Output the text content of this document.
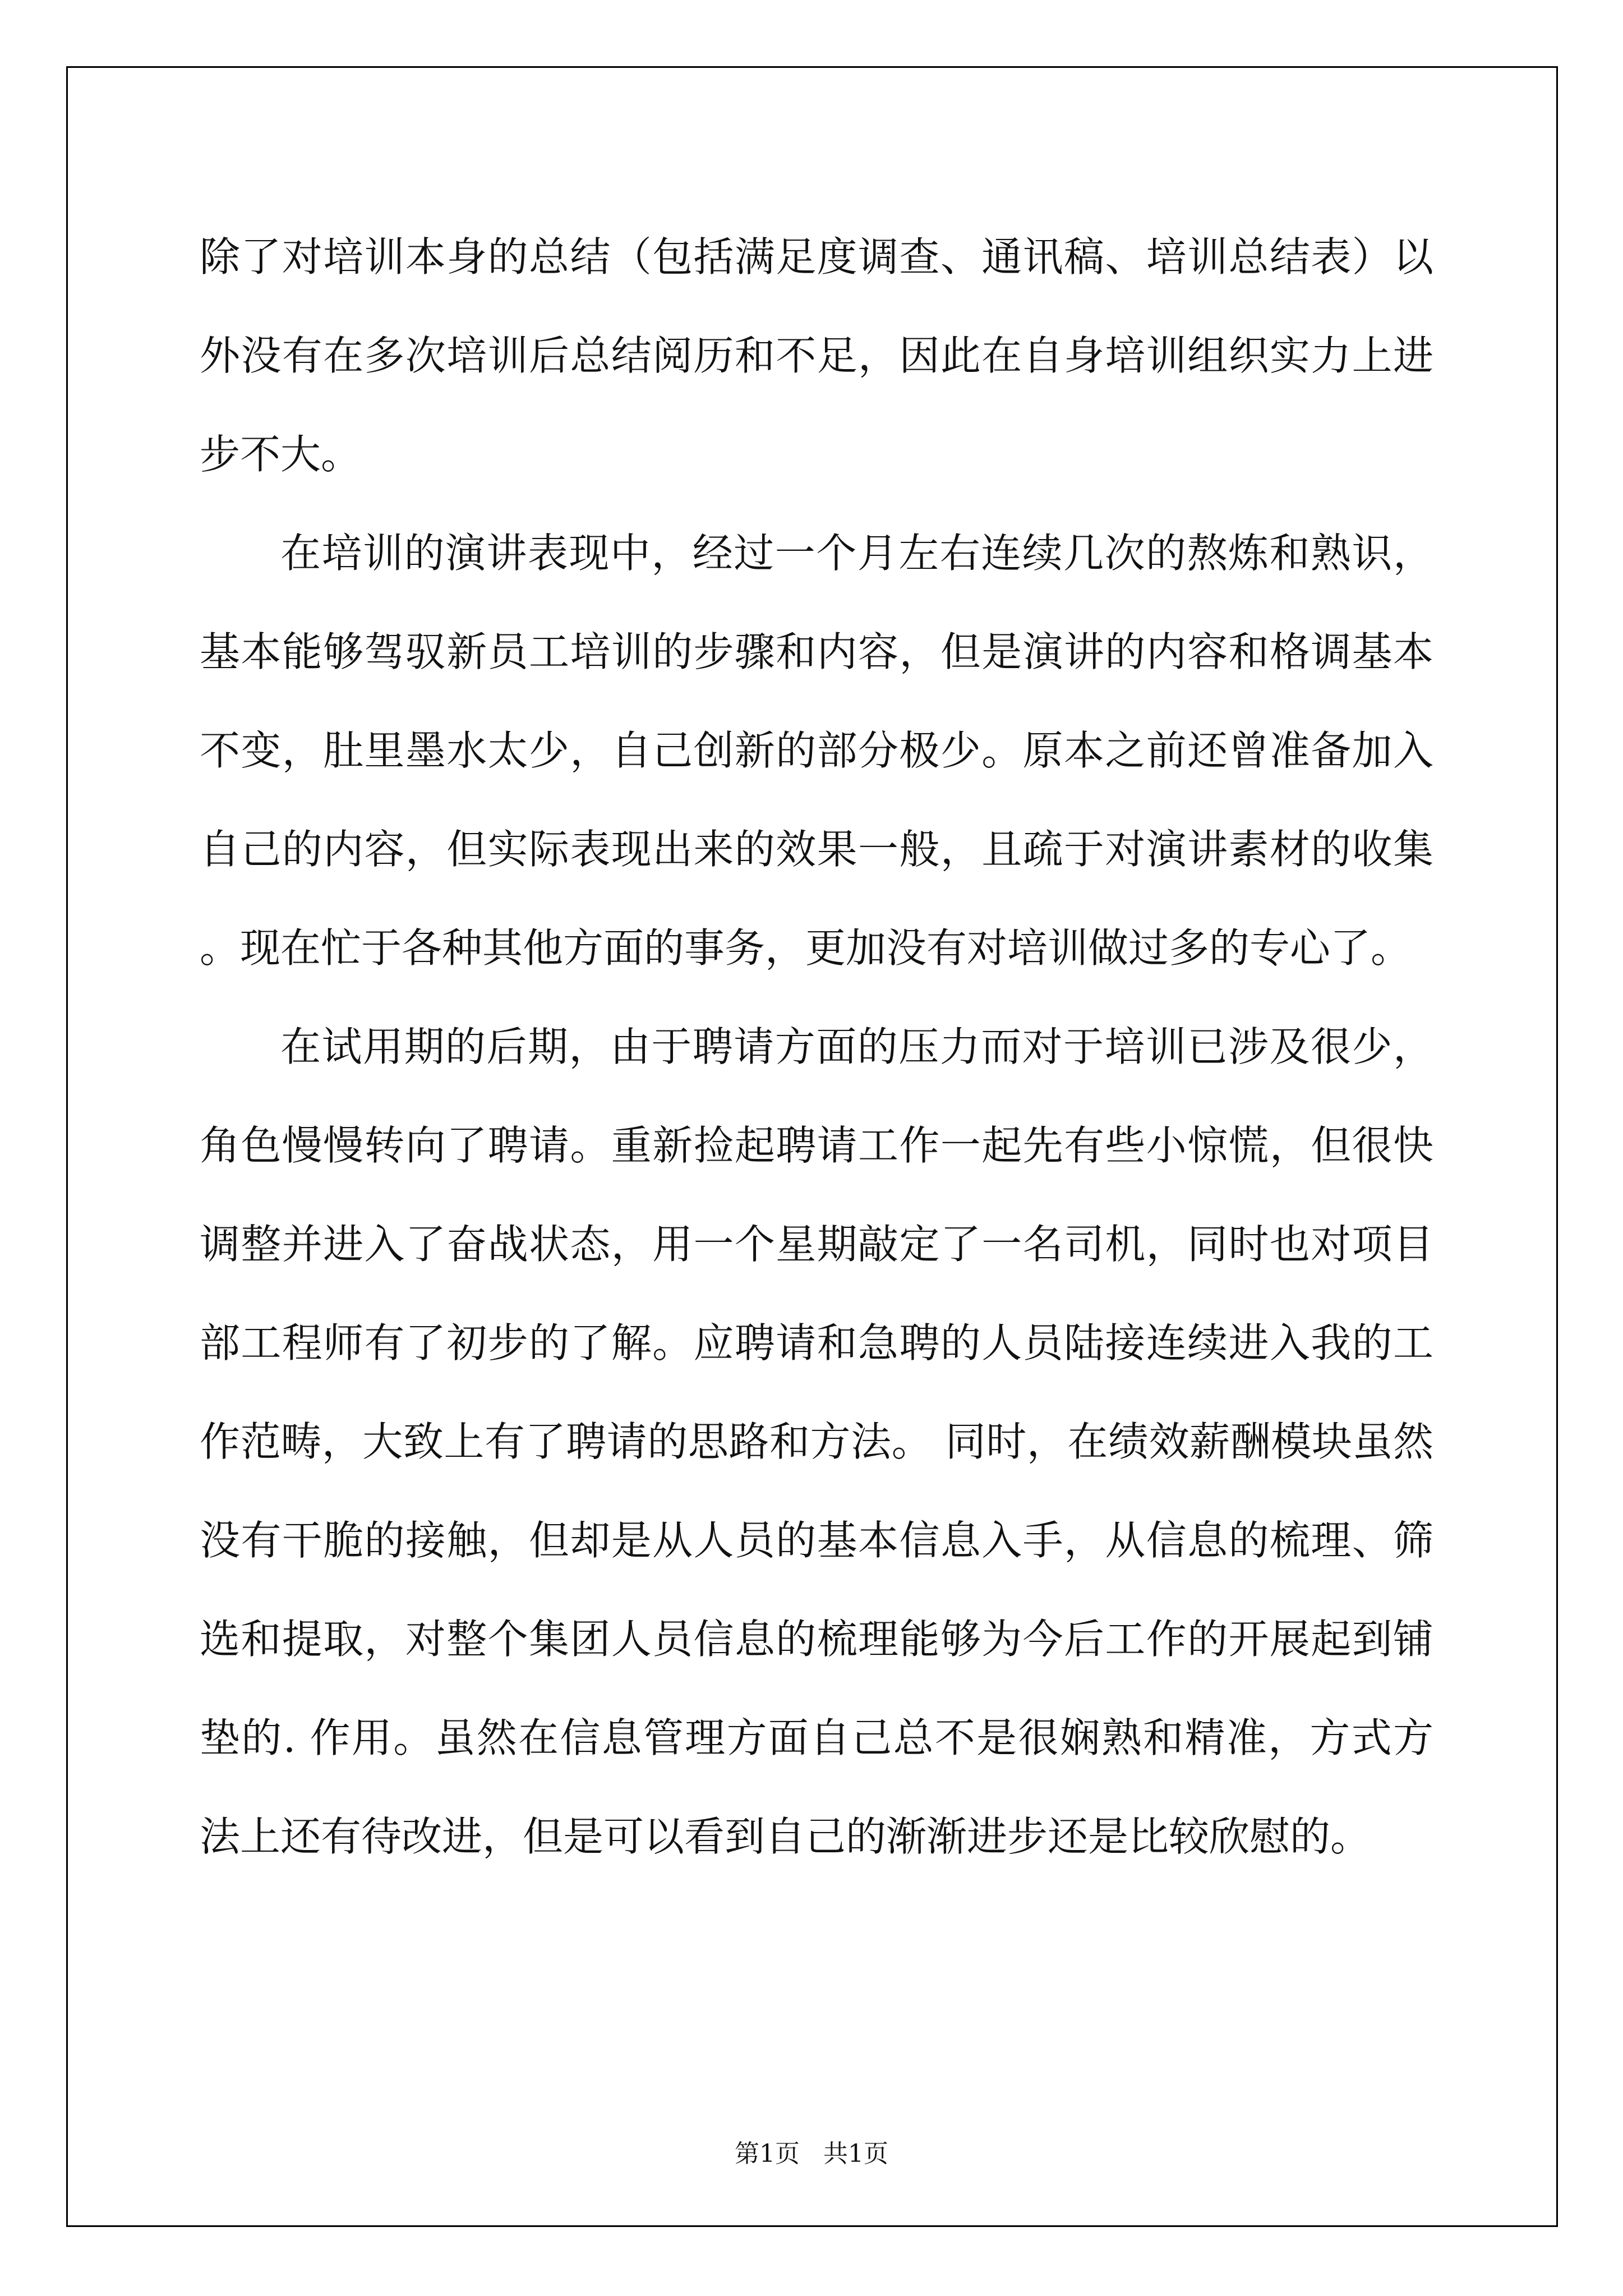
除了对培训本身的总结（包括满足度调查、通讯稿、培训总结表）以外没有在多次培训后总结阅历和不足，因此在自身培训组织实力上进步不大。

在培训的演讲表现中，经过一个月左右连续几次的熬炼和熟识，基本能够驾驭新员工培训的步骤和内容，但是演讲的内容和格调基本不变，肚里墨水太少，自己创新的部分极少。原本之前还曾准备加入自己的内容，但实际表现出来的效果一般，且疏于对演讲素材的收集。现在忙于各种其他方面的事务，更加没有对培训做过多的专心了。

在试用期的后期，由于聘请方面的压力而对于培训已涉及很少，角色慢慢转向了聘请。重新捡起聘请工作一起先有些小惊慌，但很快调整并进入了奋战状态，用一个星期敲定了一名司机，同时也对项目部工程师有了初步的了解。应聘请和急聘的人员陆接连续进入我的工作范畴，大致上有了聘请的思路和方法。 同时，在绩效薪酬模块虽然没有干脆的接触，但却是从人员的基本信息入手，从信息的梳理、筛选和提取，对整个集团人员信息的梳理能够为今后工作的开展起到铺垫的. 作用。虽然在信息管理方面自己总不是很娴熟和精准，方式方法上还有待改进，但是可以看到自己的渐渐进步还是比较欣慰的。

第1页   共1页
